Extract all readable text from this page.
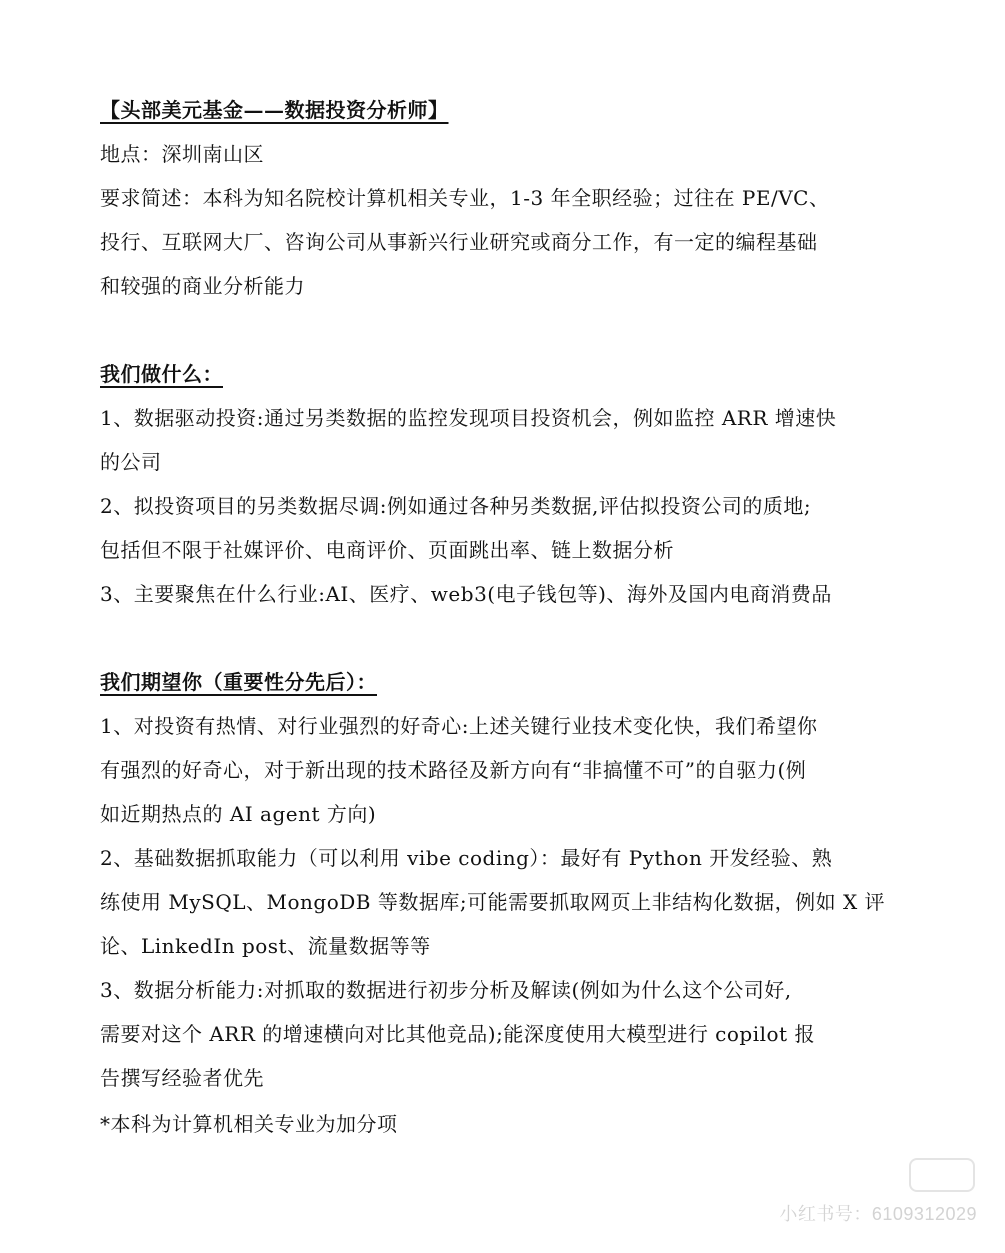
【头部美元基金——数据投资分析师】
地点：深圳南山区
要求简述：本科为知名院校计算机相关专业，1-3 年全职经验；过往在 PE/VC、
投行、互联网大厂、咨询公司从事新兴行业研究或商分工作，有一定的编程基础
和较强的商业分析能力
我们做什么：
1、数据驱动投资:通过另类数据的监控发现项目投资机会，例如监控 ARR 增速快
的公司
2、拟投资项目的另类数据尽调:例如通过各种另类数据,评估拟投资公司的质地;
包括但不限于社媒评价、电商评价、页面跳出率、链上数据分析
3、主要聚焦在什么行业:AI、医疗、web3(电子钱包等)、海外及国内电商消费品
我们期望你（重要性分先后）：
1、对投资有热情、对行业强烈的好奇心:上述关键行业技术变化快，我们希望你
有强烈的好奇心，对于新出现的技术路径及新方向有“非搞懂不可”的自驱力(例
如近期热点的 AI agent 方向)
2、基础数据抓取能力（可以利用 vibe coding）：最好有 Python 开发经验、熟
练使用 MySQL、MongoDB 等数据库;可能需要抓取网页上非结构化数据，例如 X 评
论、LinkedIn post、流量数据等等
3、数据分析能力:对抓取的数据进行初步分析及解读(例如为什么这个公司好,
需要对这个 ARR 的增速横向对比其他竞品);能深度使用大模型进行 copilot 报
告撰写经验者优先
*本科为计算机相关专业为加分项
小红书号：6109312029
